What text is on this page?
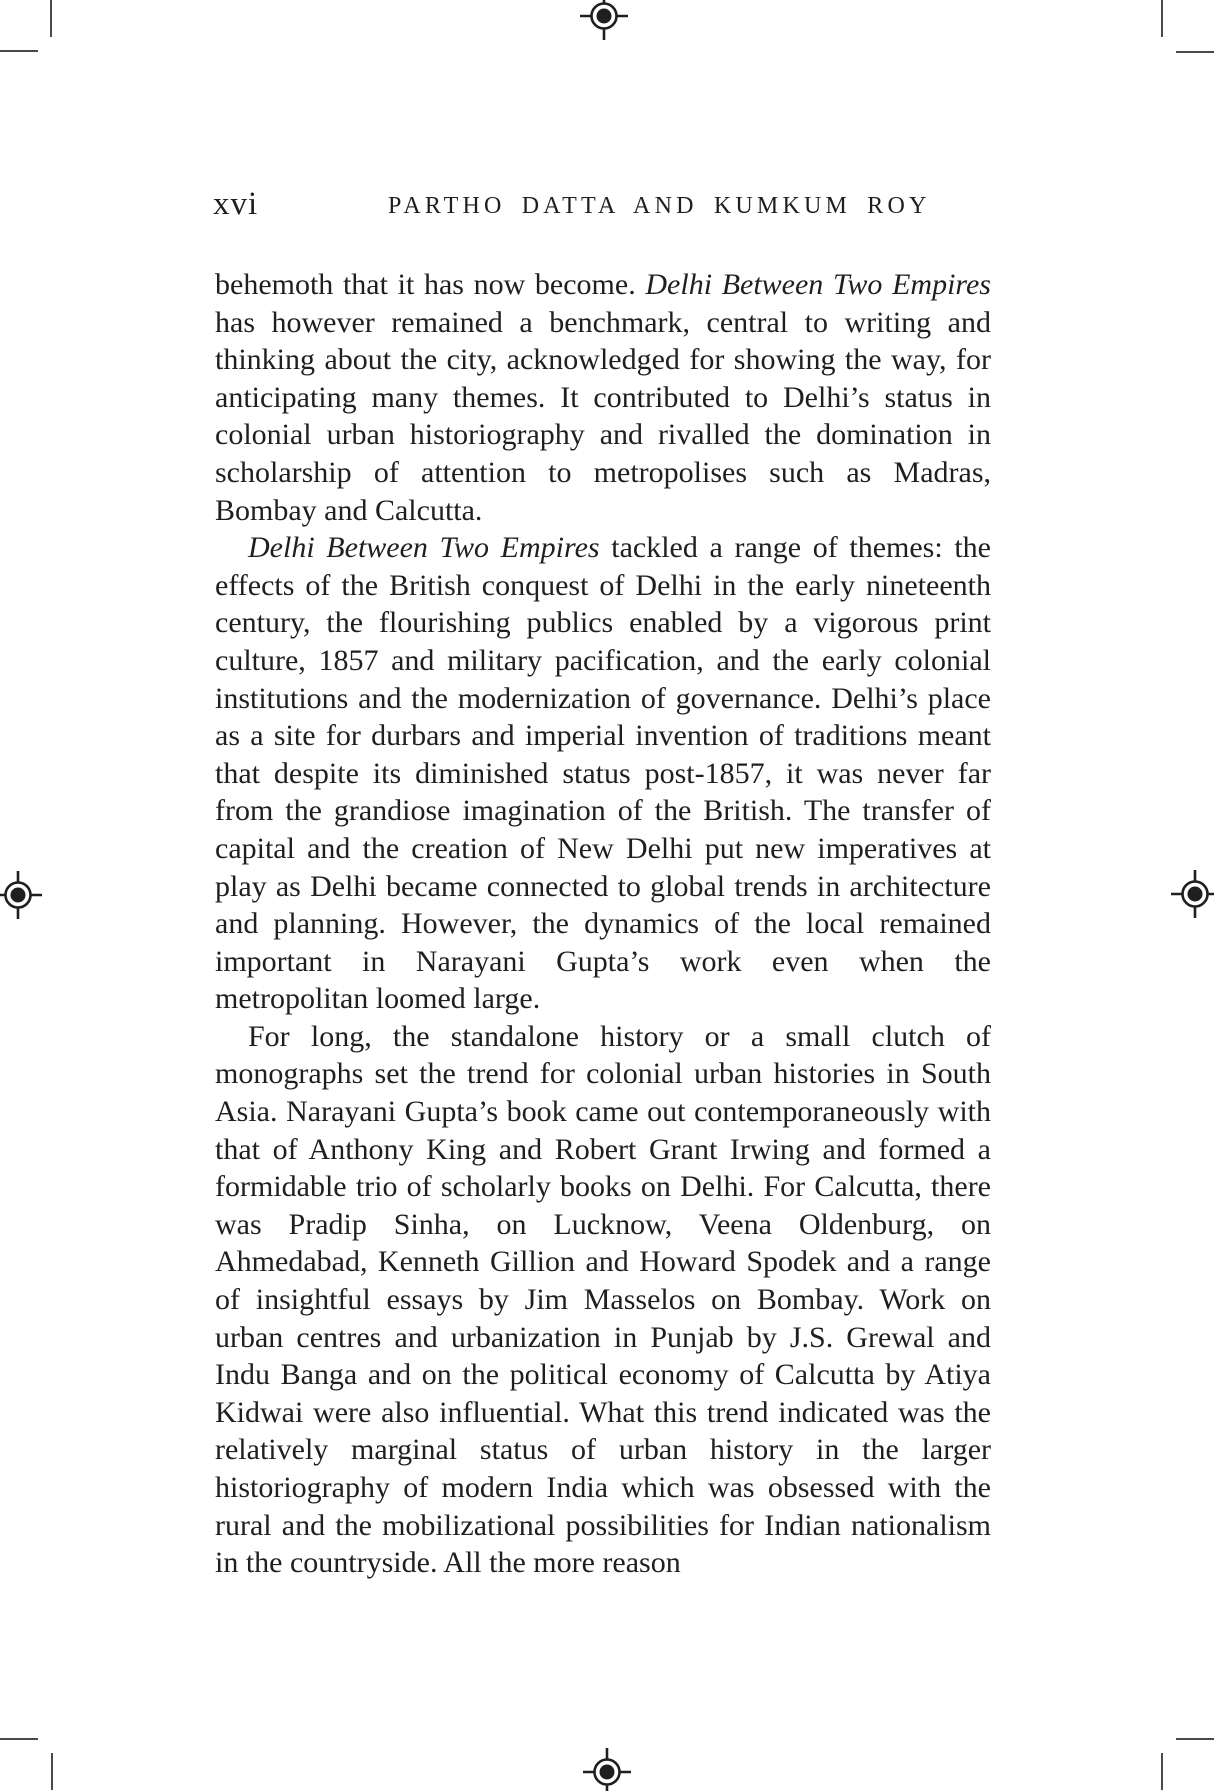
xvi	PARTHO DATTA AND KUMKUM ROY

behemoth that it has now become. Delhi Between Two Empires has however remained a benchmark, central to writing and thinking about the city, acknowledged for showing the way, for anticipating many themes. It contributed to Delhi’s status in colonial urban historiography and rivalled the domination in scholarship of attention to metropolises such as Madras, Bombay and Calcutta.

Delhi Between Two Empires tackled a range of themes: the effects of the British conquest of Delhi in the early nineteenth century, the flourishing publics enabled by a vigorous print culture, 1857 and military pacification, and the early colonial institutions and the modernization of governance. Delhi’s place as a site for durbars and imperial invention of traditions meant that despite its diminished status post-1857, it was never far from the grandiose imagination of the British. The transfer of capital and the creation of New Delhi put new imperatives at play as Delhi became connected to global trends in architecture and planning. However, the dynamics of the local remained important in Narayani Gupta’s work even when the metropolitan loomed large.

For long, the standalone history or a small clutch of monographs set the trend for colonial urban histories in South Asia. Narayani Gupta’s book came out contemporaneously with that of Anthony King and Robert Grant Irwing and formed a formidable trio of scholarly books on Delhi. For Calcutta, there was Pradip Sinha, on Lucknow, Veena Oldenburg, on Ahmedabad, Kenneth Gillion and Howard Spodek and a range of insightful essays by Jim Masselos on Bombay. Work on urban centres and urbanization in Punjab by J.S. Grewal and Indu Banga and on the political economy of Calcutta by Atiya Kidwai were also influential. What this trend indicated was the relatively marginal status of urban history in the larger historiography of modern India which was obsessed with the rural and the mobilizational possibilities for Indian nationalism in the countryside. All the more reason
